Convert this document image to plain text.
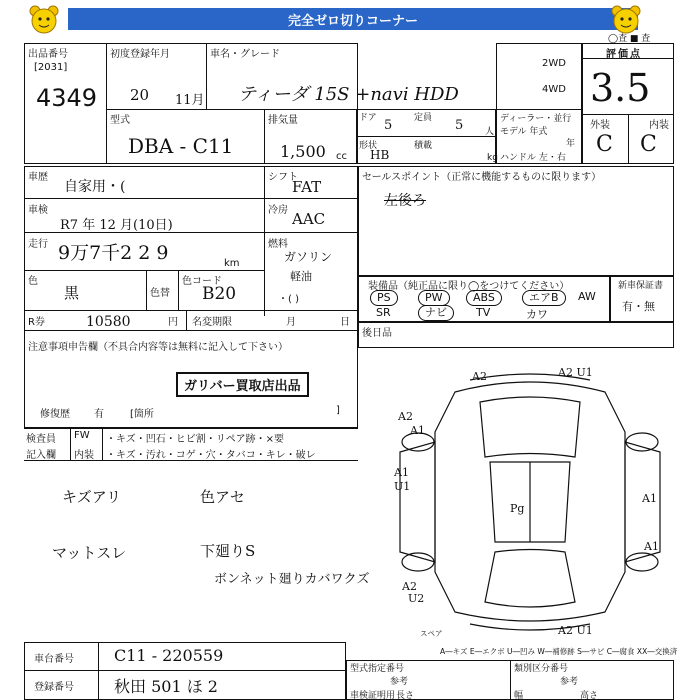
完全ゼロ切りコーナー
◯査 ■ 査
出品番号
[2031]
4349
初度登録年月
20 11月
車名・グレード
ティーダ 15S +navi HDD
型式
DBA - C11
排気量
1,500 cc
ドア 5 定員 5 人
形状
HB
積載
kg
2WD
4WD
ディーラー・並行
モデル 年式
年
ハンドル 左・右
評価点
3.5
外装	内装
C C
車歴
自家用・(
車検
R7 年 12 月(10日)
走行 9万7千2 2 9	km
色
黒	色替
色コード
B20
R券	10580	円 名変期限	月	日
注意事項申告欄（不具合内容等は無料に記入して下さい）
ガリバー買取店出品
修復歴 有	[箇所	]
シフト
FAT
冷房 AAC
燃料
ガソリン
軽油
・( )
セールスポイント（正常に機能するものに限ります）
左後ろ
装備品（純正品に限り◯をつけてください）
PS	PW	ABS	エアB	AW
SR	ナビ	TV	カワ
新車保証書
有・無
後日品
検査員 FW ・キズ・凹石・ヒビ割・リペア跡・×要
記入欄 内装 ・キズ・汚れ・コゲ・穴・タバコ・キレ・破レ
キズアリ	色アセ
マットスレ	下廻りS
ボンネット廻りカバワクズ
A2	A2 U1
A2
A1
A1
U1
Pg
A1
A1
A2
U2
A2 U1
A―キズ E―エクボ U―凹み W―補修跡 S―サビ C―腐食 XX―交換済
スペア
車台番号	C11 - 220559
登録番号	秋田 501 ほ 2
型式指定番号	類別区分番号
参考	参考
車検証明用 長さ	幅	高さ
